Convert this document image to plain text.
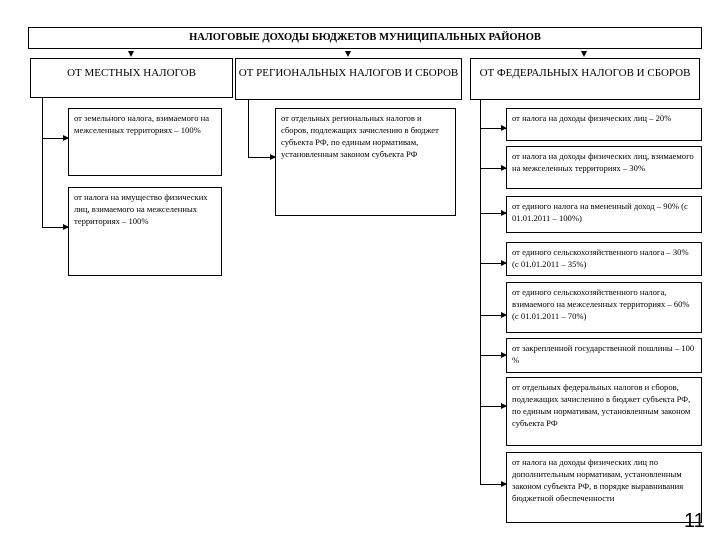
НАЛОГОВЫЕ ДОХОДЫ БЮДЖЕТОВ МУНИЦИПАЛЬНЫХ РАЙОНОВ
ОТ МЕСТНЫХ НАЛОГОВ
от земельного налога, взимаемого на межселенных территориях – 100%
от налога на имущество физических лиц, взимаемого на межселенных территориях – 100%
ОТ РЕГИОНАЛЬНЫХ НАЛОГОВ И СБОРОВ
от отдельных региональных налогов и сборов, подлежащих зачислению в бюджет субъекта РФ, по единым нормативам, установленным законом субъекта РФ
ОТ ФЕДЕРАЛЬНЫХ НАЛОГОВ И СБОРОВ
от налога на доходы физических лиц – 20%
от налога на доходы физических лиц, взимаемого на межселенных территориях – 30%
от единого налога на вмененный доход – 90% (с 01.01.2011 – 100%)
от единого сельскохозяйственного налога – 30% (с 01.01.2011 – 35%)
от единого сельскохозяйственного налога, взимаемого на межселенных территориях – 60% (с 01.01.2011 – 70%)
от закрепленной государственной пошлины – 100 %
от отдельных федеральных налогов и сборов, подлежащих зачислению в бюджет субъекта РФ, по единым нормативам, установленным законом субъекта РФ
от налога на доходы физических лиц по дополнительным нормативам, установленным законом субъекта РФ, в порядке выравнивания бюджетной обеспеченности
11
